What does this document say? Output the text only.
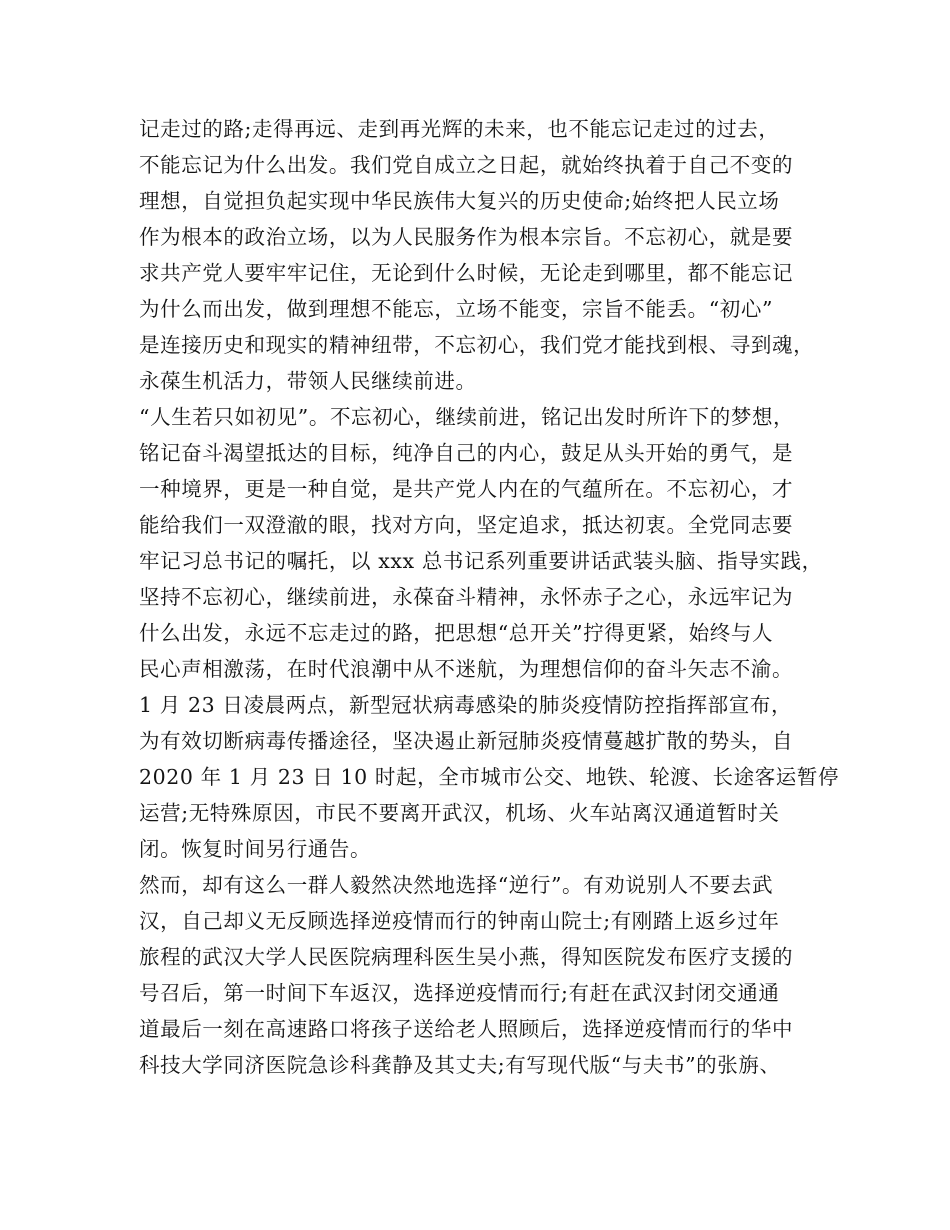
记走过的路;走得再远、走到再光辉的未来，也不能忘记走过的过去，
不能忘记为什么出发。我们党自成立之日起，就始终执着于自己不变的
理想，自觉担负起实现中华民族伟大复兴的历史使命;始终把人民立场
作为根本的政治立场，以为人民服务作为根本宗旨。不忘初心，就是要
求共产党人要牢牢记住，无论到什么时候，无论走到哪里，都不能忘记
为什么而出发，做到理想不能忘，立场不能变，宗旨不能丢。“初心”
是连接历史和现实的精神纽带，不忘初心，我们党才能找到根、寻到魂，
永葆生机活力，带领人民继续前进。
“人生若只如初见”。不忘初心，继续前进，铭记出发时所许下的梦想，
铭记奋斗渴望抵达的目标，纯净自己的内心，鼓足从头开始的勇气，是
一种境界，更是一种自觉，是共产党人内在的气蕴所在。不忘初心，才
能给我们一双澄澈的眼，找对方向，坚定追求，抵达初衷。全党同志要
牢记习总书记的嘱托，以 xxx 总书记系列重要讲话武装头脑、指导实践，
坚持不忘初心，继续前进，永葆奋斗精神，永怀赤子之心，永远牢记为
什么出发，永远不忘走过的路，把思想“总开关”拧得更紧，始终与人
民心声相激荡，在时代浪潮中从不迷航，为理想信仰的奋斗矢志不渝。
1 月 23 日凌晨两点，新型冠状病毒感染的肺炎疫情防控指挥部宣布，
为有效切断病毒传播途径，坚决遏止新冠肺炎疫情蔓越扩散的势头，自
2020 年 1 月 23 日 10 时起，全市城市公交、地铁、轮渡、长途客运暂停
运营;无特殊原因，市民不要离开武汉，机场、火车站离汉通道暂时关
闭。恢复时间另行通告。
然而，却有这么一群人毅然决然地选择“逆行”。有劝说别人不要去武
汉，自己却义无反顾选择逆疫情而行的钟南山院士;有刚踏上返乡过年
旅程的武汉大学人民医院病理科医生吴小燕，得知医院发布医疗支援的
号召后，第一时间下车返汉，选择逆疫情而行;有赶在武汉封闭交通通
道最后一刻在高速路口将孩子送给老人照顾后，选择逆疫情而行的华中
科技大学同济医院急诊科龚静及其丈夫;有写现代版“与夫书”的张旃、
